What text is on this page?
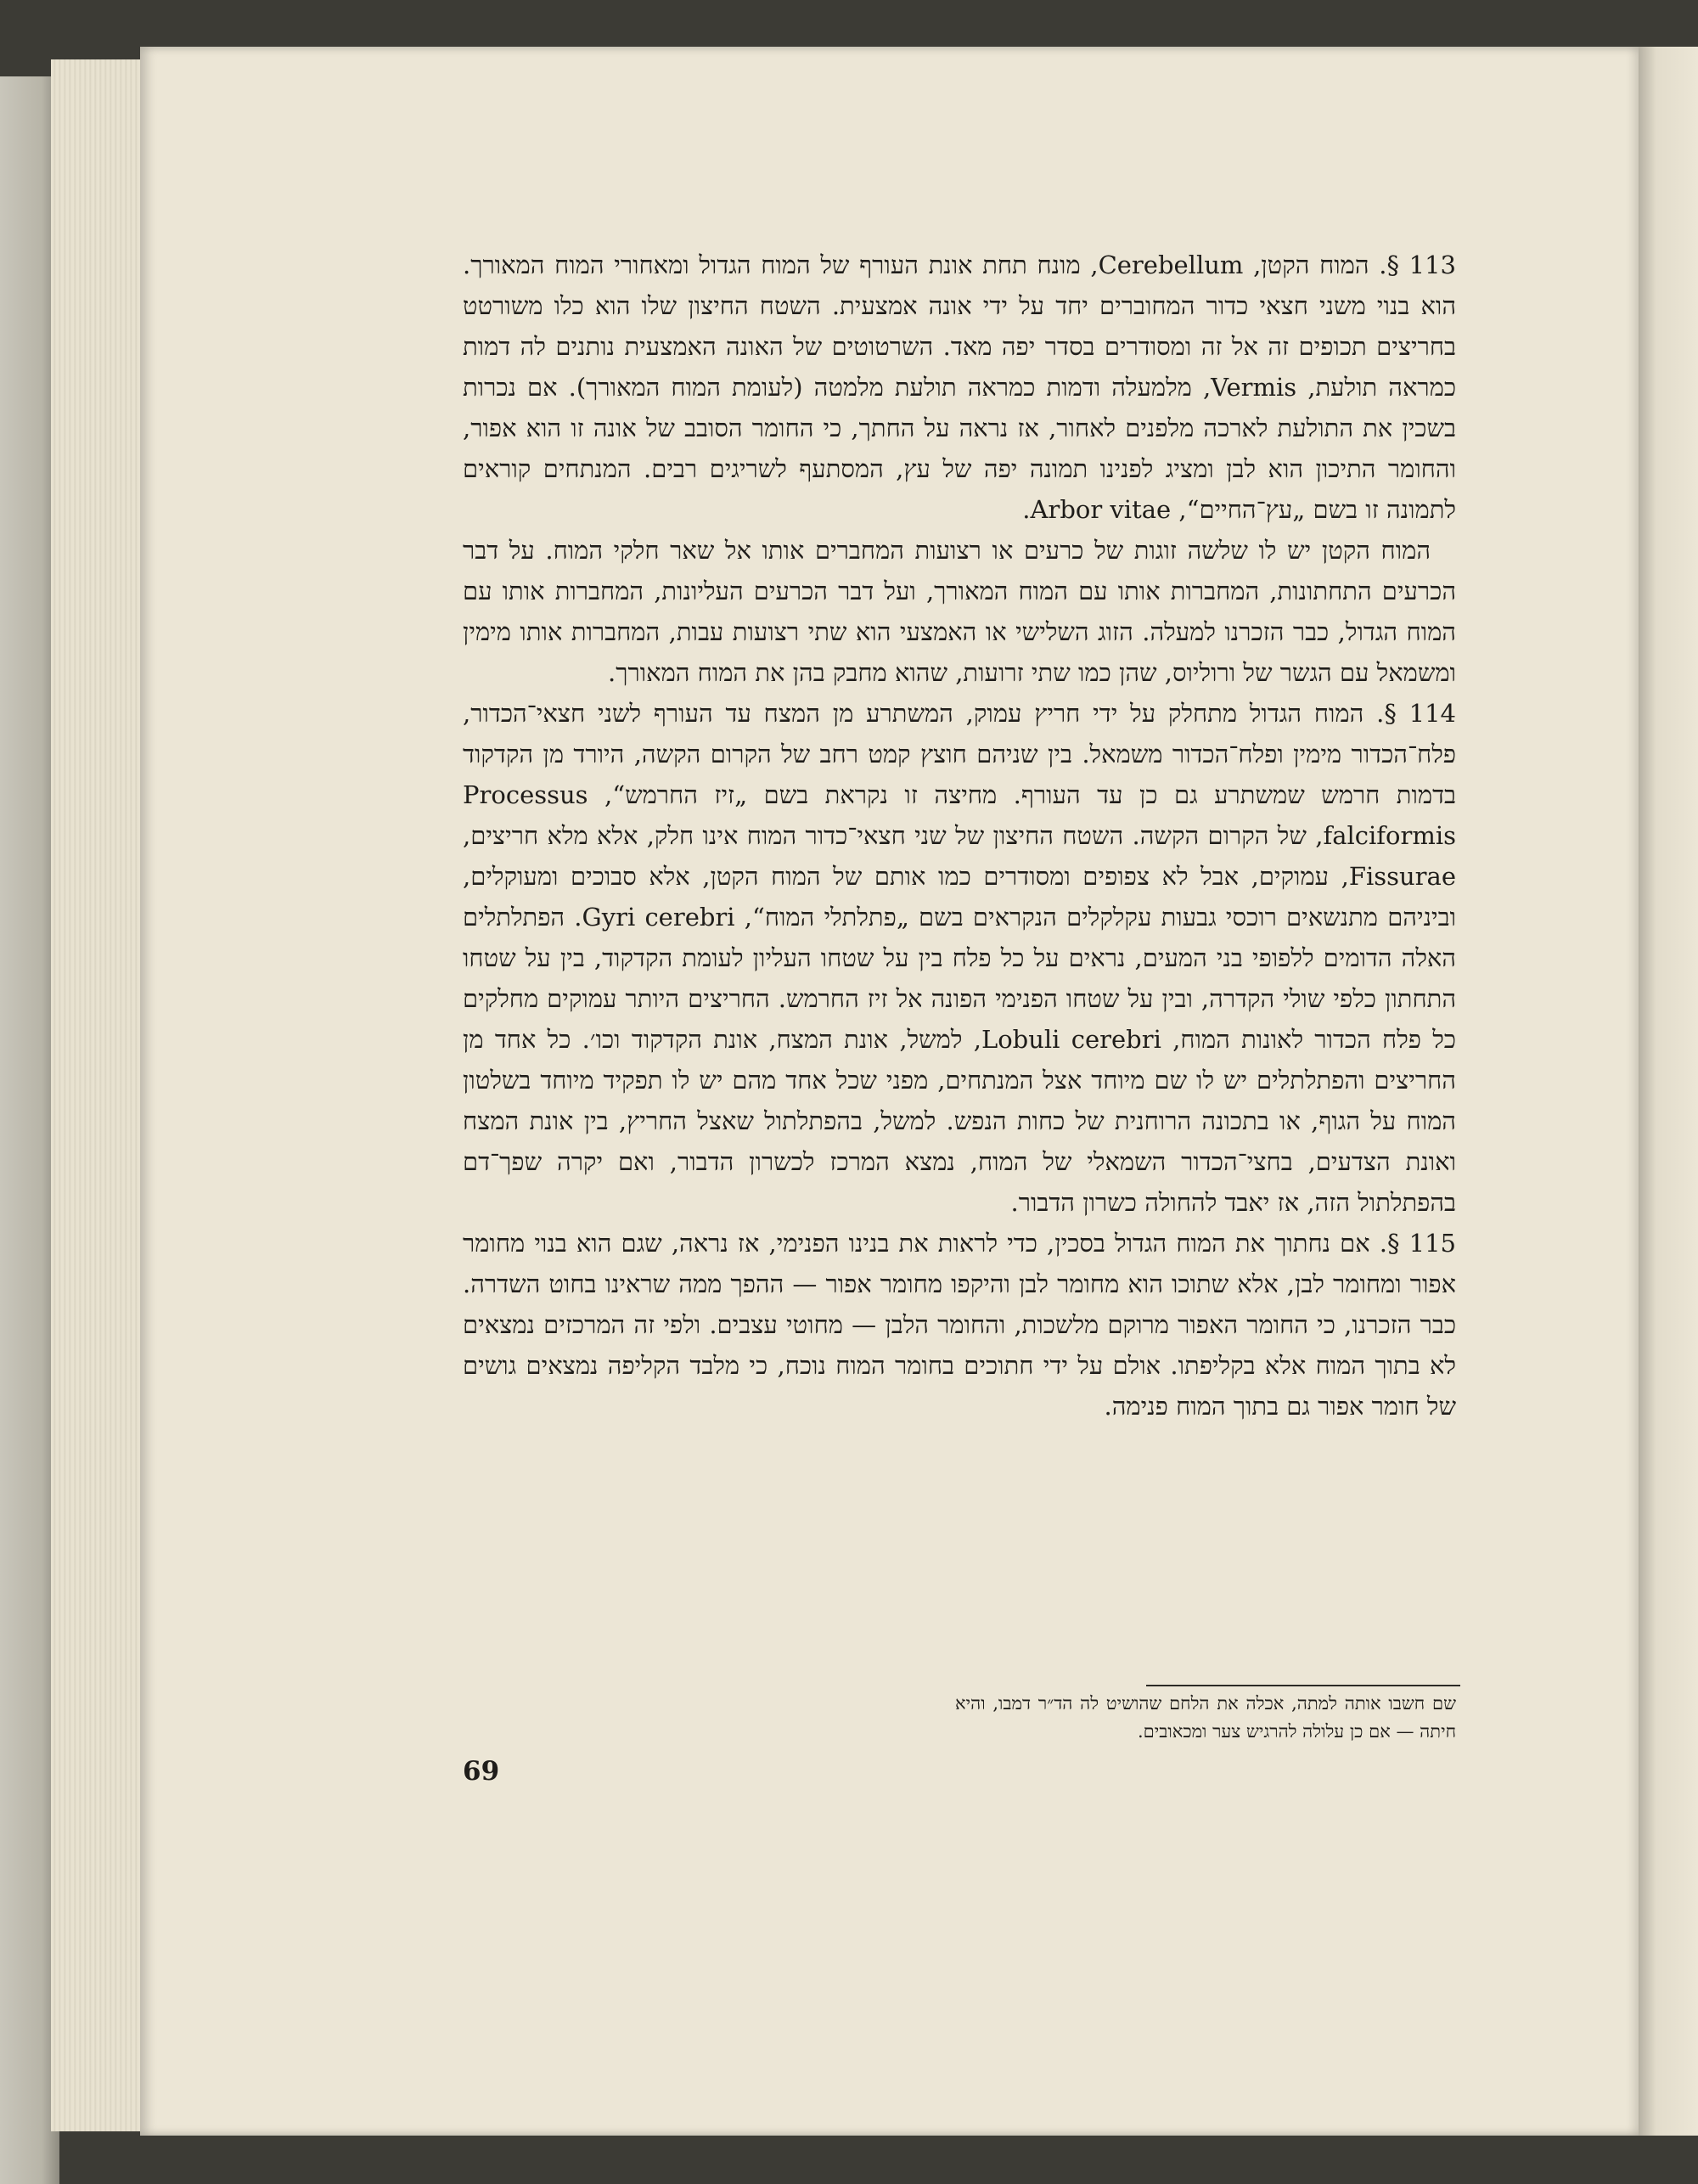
113 §. המוח הקטן, Cerebellum, מונח תחת אונת העורף של המוח הגדול ומאחורי המוח המאורך. הוא בנוי משני חצאי כדור המחוברים יחד על ידי אונה אמצעית. השטח החיצון שלו הוא כלו משורטט בחריצים תכופים זה אל זה ומסודרים בסדר יפה מאד. השרטוטים של האונה האמצעית נותנים לה דמות כמראה תולעת, Vermis, מלמעלה ודמות כמראה תולעת מלמטה (לעומת המוח המאורך). אם נכרות בשכין את התולעת לארכה מלפנים לאחור, אז נראה על החתך, כי החומר הסובב של אונה זו הוא אפור, והחומר התיכון הוא לבן ומציג לפנינו תמונה יפה של עץ, המסתעף לשריגים רבים. המנתחים קוראים לתמונה זו בשם „עץ־החיים“, Arbor vitae.

המוח הקטן יש לו שלשה זוגות של כרעים או רצועות המחברים אותו אל שאר חלקי המוח. על דבר הכרעים התחתונות, המחברות אותו עם המוח המאורך, ועל דבר הכרעים העליונות, המחברות אותו עם המוח הגדול, כבר הזכרנו למעלה. הזוג השלישי או האמצעי הוא שתי רצועות עבות, המחברות אותו מימין ומשמאל עם הגשר של ורוליוס, שהן כמו שתי זרועות, שהוא מחבק בהן את המוח המאורך.

114 §. המוח הגדול מתחלק על ידי חריץ עמוק, המשתרע מן המצח עד העורף לשני חצאי־הכדור, פלח־הכדור מימין ופלח־הכדור משמאל. בין שניהם חוצץ קמט רחב של הקרום הקשה, היורד מן הקדקוד בדמות חרמש שמשתרע גם כן עד העורף. מחיצה זו נקראת בשם „זיז החרמש“, Processus falciformis, של הקרום הקשה. השטח החיצון של שני חצאי־כדור המוח אינו חלק, אלא מלא חריצים, Fissurae, עמוקים, אבל לא צפופים ומסודרים כמו אותם של המוח הקטן, אלא סבוכים ומעוקלים, וביניהם מתנשאים רוכסי גבעות עקלקלים הנקראים בשם „פתלתלי המוח“, Gyri cerebri. הפתלתלים האלה הדומים ללפופי בני המעים, נראים על כל פלח בין על שטחו העליון לעומת הקדקוד, בין על שטחו התחתון כלפי שולי הקדרה, ובין על שטחו הפנימי הפונה אל זיז החרמש. החריצים היותר עמוקים מחלקים כל פלח הכדור לאונות המוח, Lobuli cerebri, למשל, אונת המצח, אונת הקדקוד וכו׳. כל אחד מן החריצים והפתלתלים יש לו שם מיוחד אצל המנתחים, מפני שכל אחד מהם יש לו תפקיד מיוחד בשלטון המוח על הגוף, או בתכונה הרוחנית של כחות הנפש. למשל, בהפתלתול שאצל החריץ, בין אונת המצח ואונת הצדעים, בחצי־הכדור השמאלי של המוח, נמצא המרכז לכשרון הדבור, ואם יקרה שפך־דם בהפתלתול הזה, אז יאבד להחולה כשרון הדבור.

115 §. אם נחתוך את המוח הגדול בסכין, כדי לראות את בנינו הפנימי, אז נראה, שגם הוא בנוי מחומר אפור ומחומר לבן, אלא שתוכו הוא מחומר לבן והיקפו מחומר אפור — ההפך ממה שראינו בחוט השדרה. כבר הזכרנו, כי החומר האפור מרוקם מלשכות, והחומר הלבן — מחוטי עצבים. ולפי זה המרכזים נמצאים לא בתוך המוח אלא בקליפתו. אולם על ידי חתוכים בחומר המוח נוכח, כי מלבד הקליפה נמצאים גושים של חומר אפור גם בתוך המוח פנימה.

שם חשבו אותה למתה, אכלה את הלחם שהושיט לה הד״ר דמבו, והיא חיתה — אם כן עלולה להרגיש צער ומכאובים.

69
